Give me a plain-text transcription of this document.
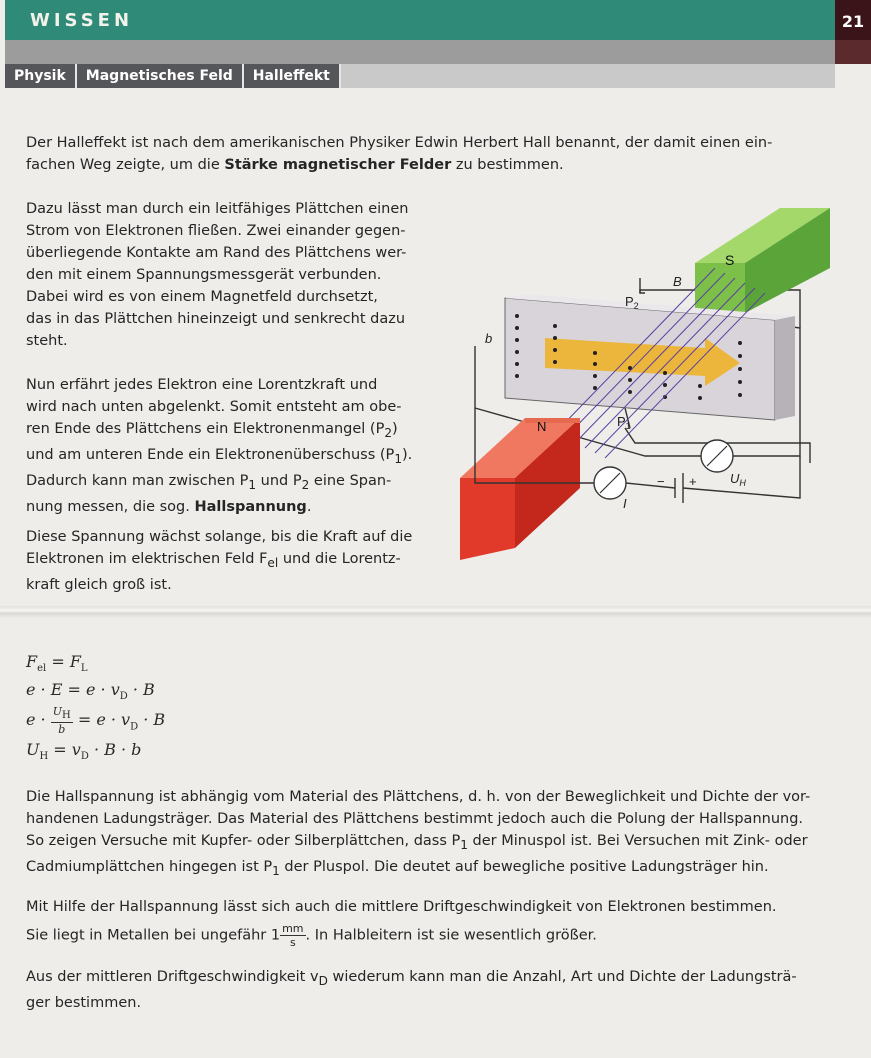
WISSEN	21
Physik	Magnetisches Feld	Halleffekt
Der Halleffekt ist nach dem amerikanischen Physiker Edwin Herbert Hall benannt, der damit einen ein-
fachen Weg zeigte, um die Stärke magnetischer Felder zu bestimmen.
Dazu lässt man durch ein leitfähiges Plättchen einen
Strom von Elektronen fließen. Zwei einander gegen-
überliegende Kontakte am Rand des Plättchens wer-
den mit einem Spannungsmessgerät verbunden.
Dabei wird es von einem Magnetfeld durchsetzt,
das in das Plättchen hineinzeigt und senkrecht dazu
steht.
Nun erfährt jedes Elektron eine Lorentzkraft und
wird nach unten abgelenkt. Somit entsteht am obe-
ren Ende des Plättchens ein Elektronenmangel $(P_2)$
und am unteren Ende ein Elektronenüberschuss $(P_1)$.
Dadurch kann man zwischen $P_1$ und $P_2$ eine Span-
nung messen, die sog. Hallspannung.
Diese Spannung wächst solange, bis die Kraft auf die
Elektronen im elektrischen Feld $F_{el}$ und die Lorentz-
kraft gleich groß ist.
S
N
B
b
$P_2$
$P_1$
$U_H$
I
− +
$F_{el} = F_L$
$e \cdot E = e \cdot v_D \cdot B$
$e \cdot \frac{U_H}{b} = e \cdot v_D \cdot B$
$U_H = v_D \cdot B \cdot b$
Die Hallspannung ist abhängig vom Material des Plättchens, d. h. von der Beweglichkeit und Dichte der vor-
handenen Ladungsträger. Das Material des Plättchens bestimmt jedoch auch die Polung der Hallspannung.
So zeigen Versuche mit Kupfer- oder Silberplättchen, dass $P_1$ der Minuspol ist. Bei Versuchen mit Zink- oder
Cadmiumplättchen hingegen ist $P_1$ der Pluspol. Die deutet auf bewegliche positive Ladungsträger hin.
Mit Hilfe der Hallspannung lässt sich auch die mittlere Driftgeschwindigkeit von Elektronen bestimmen.
Sie liegt in Metallen bei ungefähr $1 \frac{mm}{s}$ . In Halbleitern ist sie wesentlich größer.
Aus der mittleren Driftgeschwindigkeit $v_D$ wiederum kann man die Anzahl, Art und Dichte der Ladungsträ-
ger bestimmen.
